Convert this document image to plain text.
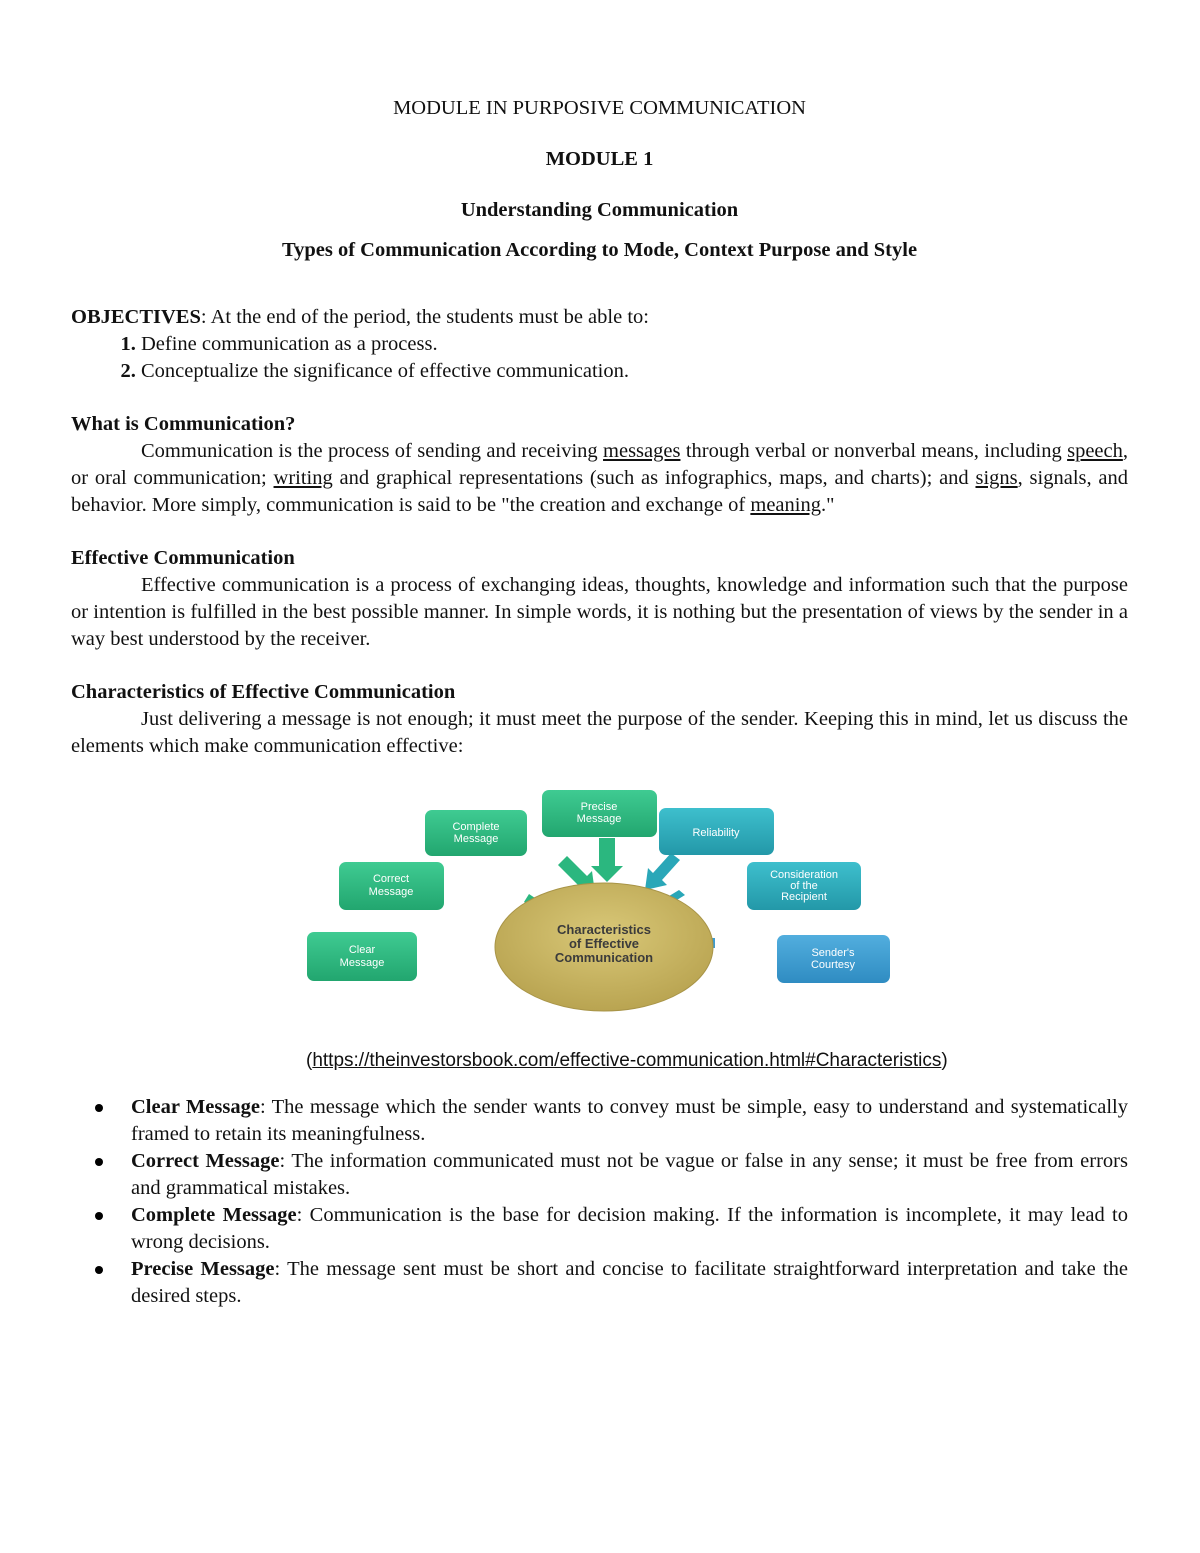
MODULE IN PURPOSIVE COMMUNICATION
MODULE 1
Understanding Communication
Types of Communication According to Mode, Context Purpose and Style

OBJECTIVES: At the end of the period, the students must be able to:

1. Define communication as a process.
2. Conceptualize the significance of effective communication.

What is Communication?

Communication is the process of sending and receiving messages through verbal or nonverbal means, including speech, or oral communication; writing and graphical representations (such as infographics, maps, and charts); and signs, signals, and behavior. More simply, communication is said to be "the creation and exchange of meaning."

Effective Communication

Effective communication is a process of exchanging ideas, thoughts, knowledge and information such that the purpose or intention is fulfilled in the best possible manner. In simple words, it is nothing but the presentation of views by the sender in a way best understood by the receiver.

Characteristics of Effective Communication

Just delivering a message is not enough; it must meet the purpose of the sender. Keeping this in mind, let us discuss the elements which make communication effective:

Characteristics
of Effective
Communication
Clear
Message
Correct
Message
Complete
Message
Precise
Message
Reliability
Consideration
of the
Recipient
Sender's
Courtesy
(https://theinvestorsbook.com/effective-communication.html#Characteristics)
Clear Message: The message which the sender wants to convey must be simple, easy to understand and systematically framed to retain its meaningfulness.
Correct Message: The information communicated must not be vague or false in any sense; it must be free from errors and grammatical mistakes.
Complete Message: Communication is the base for decision making. If the information is incomplete, it may lead to wrong decisions.
Precise Message: The message sent must be short and concise to facilitate straightforward interpretation and take the desired steps.
